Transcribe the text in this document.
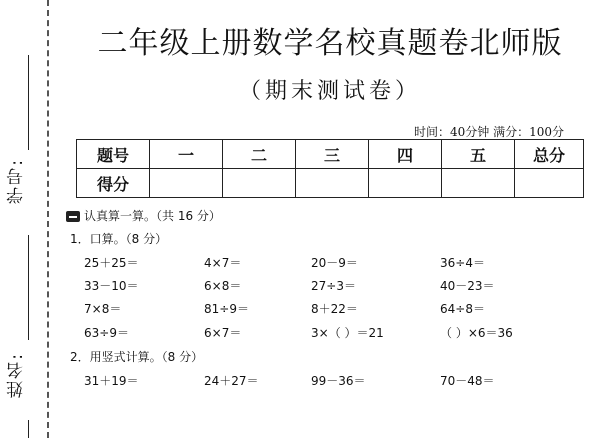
学号:
姓名:
二年级上册数学名校真题卷北师版
（期末测试卷）
时间：40分钟 满分：100分
题号	一	二	三	四	五	总分
得分						
认真算一算。（共 16 分）
1．口算。（8 分）
25＋25＝	4×7＝	20－9＝	36÷4＝
33－10＝	6×8＝	27÷3＝	40－23＝
7×8＝	81÷9＝	8＋22＝	64÷8＝
63÷9＝	6×7＝	3×（ ）＝21	（ ）×6＝36
2．用竖式计算。（8 分）
31＋19＝	24＋27＝	99－36＝	70－48＝
